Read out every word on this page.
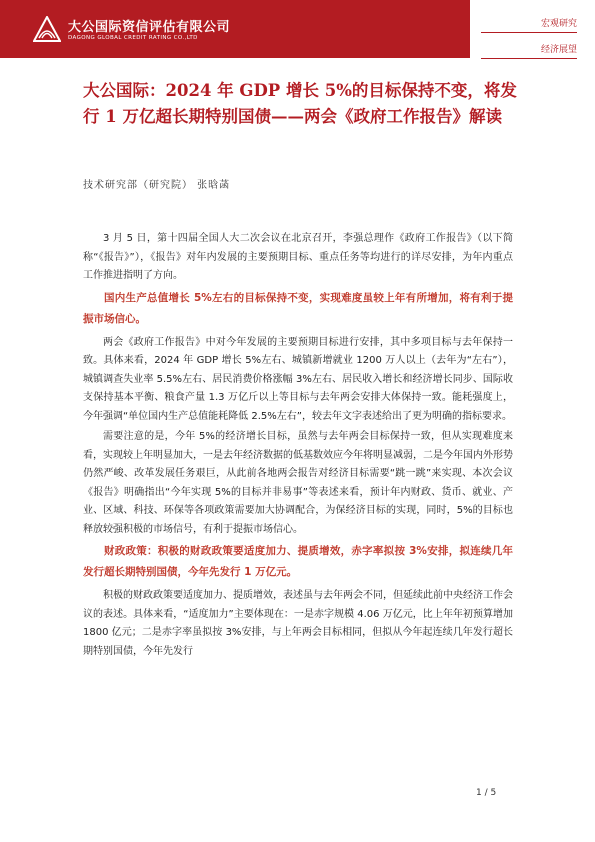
大公国际资信评估有限公司
DAGONG GLOBAL CREDIT RATING CO.,LTD
宏观研究
经济展望
大公国际：2024 年 GDP 增长 5%的目标保持不变，将发行 1 万亿超长期特别国债——两会《政府工作报告》解读
技术研究部（研究院） 张晗菡

3 月 5 日，第十四届全国人大二次会议在北京召开，李强总理作《政府工作报告》（以下简称“《报告》”），《报告》对年内发展的主要预期目标、重点任务等均进行的详尽安排，为年内重点工作推进指明了方向。

国内生产总值增长 5%左右的目标保持不变，实现难度虽较上年有所增加，将有利于提振市场信心。

两会《政府工作报告》中对今年发展的主要预期目标进行安排，其中多项目标与去年保持一致。具体来看，2024 年 GDP 增长 5%左右、城镇新增就业 1200 万人以上（去年为“左右”），城镇调查失业率 5.5%左右、居民消费价格涨幅 3%左右、居民收入增长和经济增长同步、国际收支保持基本平衡、粮食产量 1.3 万亿斤以上等目标与去年两会安排大体保持一致。能耗强度上，今年强调“单位国内生产总值能耗降低 2.5%左右”，较去年文字表述给出了更为明确的指标要求。

需要注意的是，今年 5%的经济增长目标，虽然与去年两会目标保持一致，但从实现难度来看，实现较上年明显加大，一是去年经济数据的低基数效应今年将明显减弱，二是今年国内外形势仍然严峻、改革发展任务艰巨，从此前各地两会报告对经济目标需要“跳一跳”来实现、本次会议《报告》明确指出“今年实现 5%的目标并非易事”等表述来看，预计年内财政、货币、就业、产业、区域、科技、环保等各项政策需要加大协调配合，为保经济目标的实现，同时，5%的目标也释放较强积极的市场信号，有利于提振市场信心。

财政政策：积极的财政政策要适度加力、提质增效，赤字率拟按 3%安排，拟连续几年发行超长期特别国债，今年先发行 1 万亿元。

积极的财政政策要适度加力、提质增效，表述虽与去年两会不同，但延续此前中央经济工作会议的表述。具体来看，“适度加力”主要体现在：一是赤字规模 4.06 万亿元，比上年年初预算增加 1800 亿元；二是赤字率虽拟按 3%安排，与上年两会目标相同，但拟从今年起连续几年发行超长期特别国债，今年先发行

1 / 5
